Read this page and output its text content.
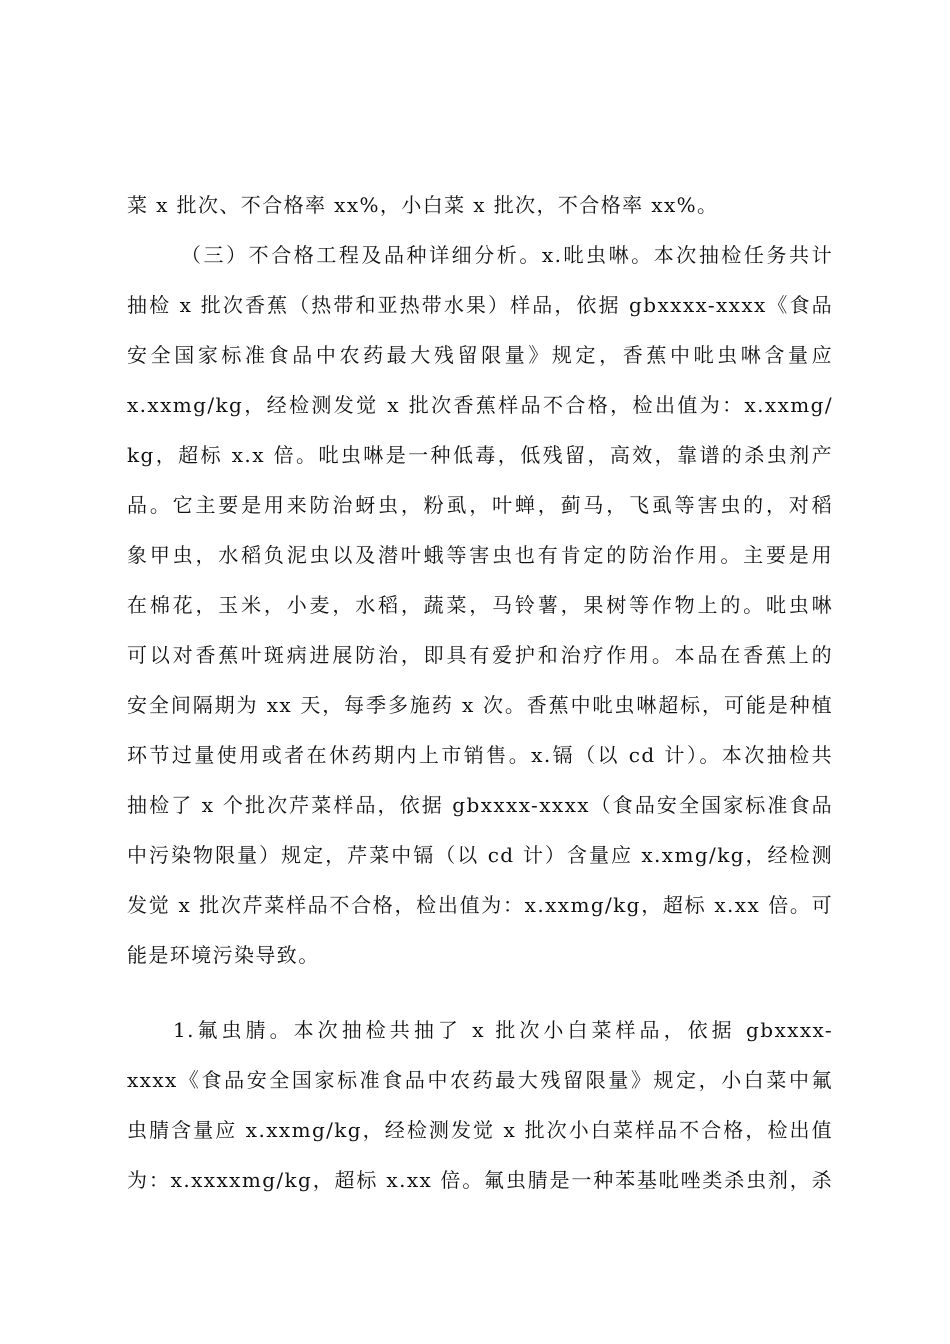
菜 x 批次、不合格率 xx%，小白菜 x 批次，不合格率 xx%。
（三）不合格工程及品种详细分析。x.吡虫啉。本次抽检任务共计
抽检 x 批次香蕉（热带和亚热带水果）样品，依据 gbxxxx-xxxx《食品
安全国家标准食品中农药最大残留限量》规定，香蕉中吡虫啉含量应
x.xxmg/kg，经检测发觉 x 批次香蕉样品不合格，检出值为：x.xxmg/
kg，超标 x.x 倍。吡虫啉是一种低毒，低残留，高效，靠谱的杀虫剂产
品。它主要是用来防治蚜虫，粉虱，叶蝉，蓟马，飞虱等害虫的，对稻
象甲虫，水稻负泥虫以及潜叶蛾等害虫也有肯定的防治作用。主要是用
在棉花，玉米，小麦，水稻，蔬菜，马铃薯，果树等作物上的。吡虫啉
可以对香蕉叶斑病进展防治，即具有爱护和治疗作用。本品在香蕉上的
安全间隔期为 xx 天，每季多施药 x 次。香蕉中吡虫啉超标，可能是种植
环节过量使用或者在休药期内上市销售。x.镉（以 cd 计）。本次抽检共
抽检了 x 个批次芹菜样品，依据 gbxxxx-xxxx（食品安全国家标准食品
中污染物限量）规定，芹菜中镉（以 cd 计）含量应 x.xmg/kg，经检测
发觉 x 批次芹菜样品不合格，检出值为：x.xxmg/kg，超标 x.xx 倍。可
能是环境污染导致。
1.氟虫腈。本次抽检共抽了 x 批次小白菜样品，依据 gbxxxx-
xxxx《食品安全国家标准食品中农药最大残留限量》规定，小白菜中氟
虫腈含量应 x.xxmg/kg，经检测发觉 x 批次小白菜样品不合格，检出值
为：x.xxxxmg/kg，超标 x.xx 倍。氟虫腈是一种苯基吡唑类杀虫剂，杀
